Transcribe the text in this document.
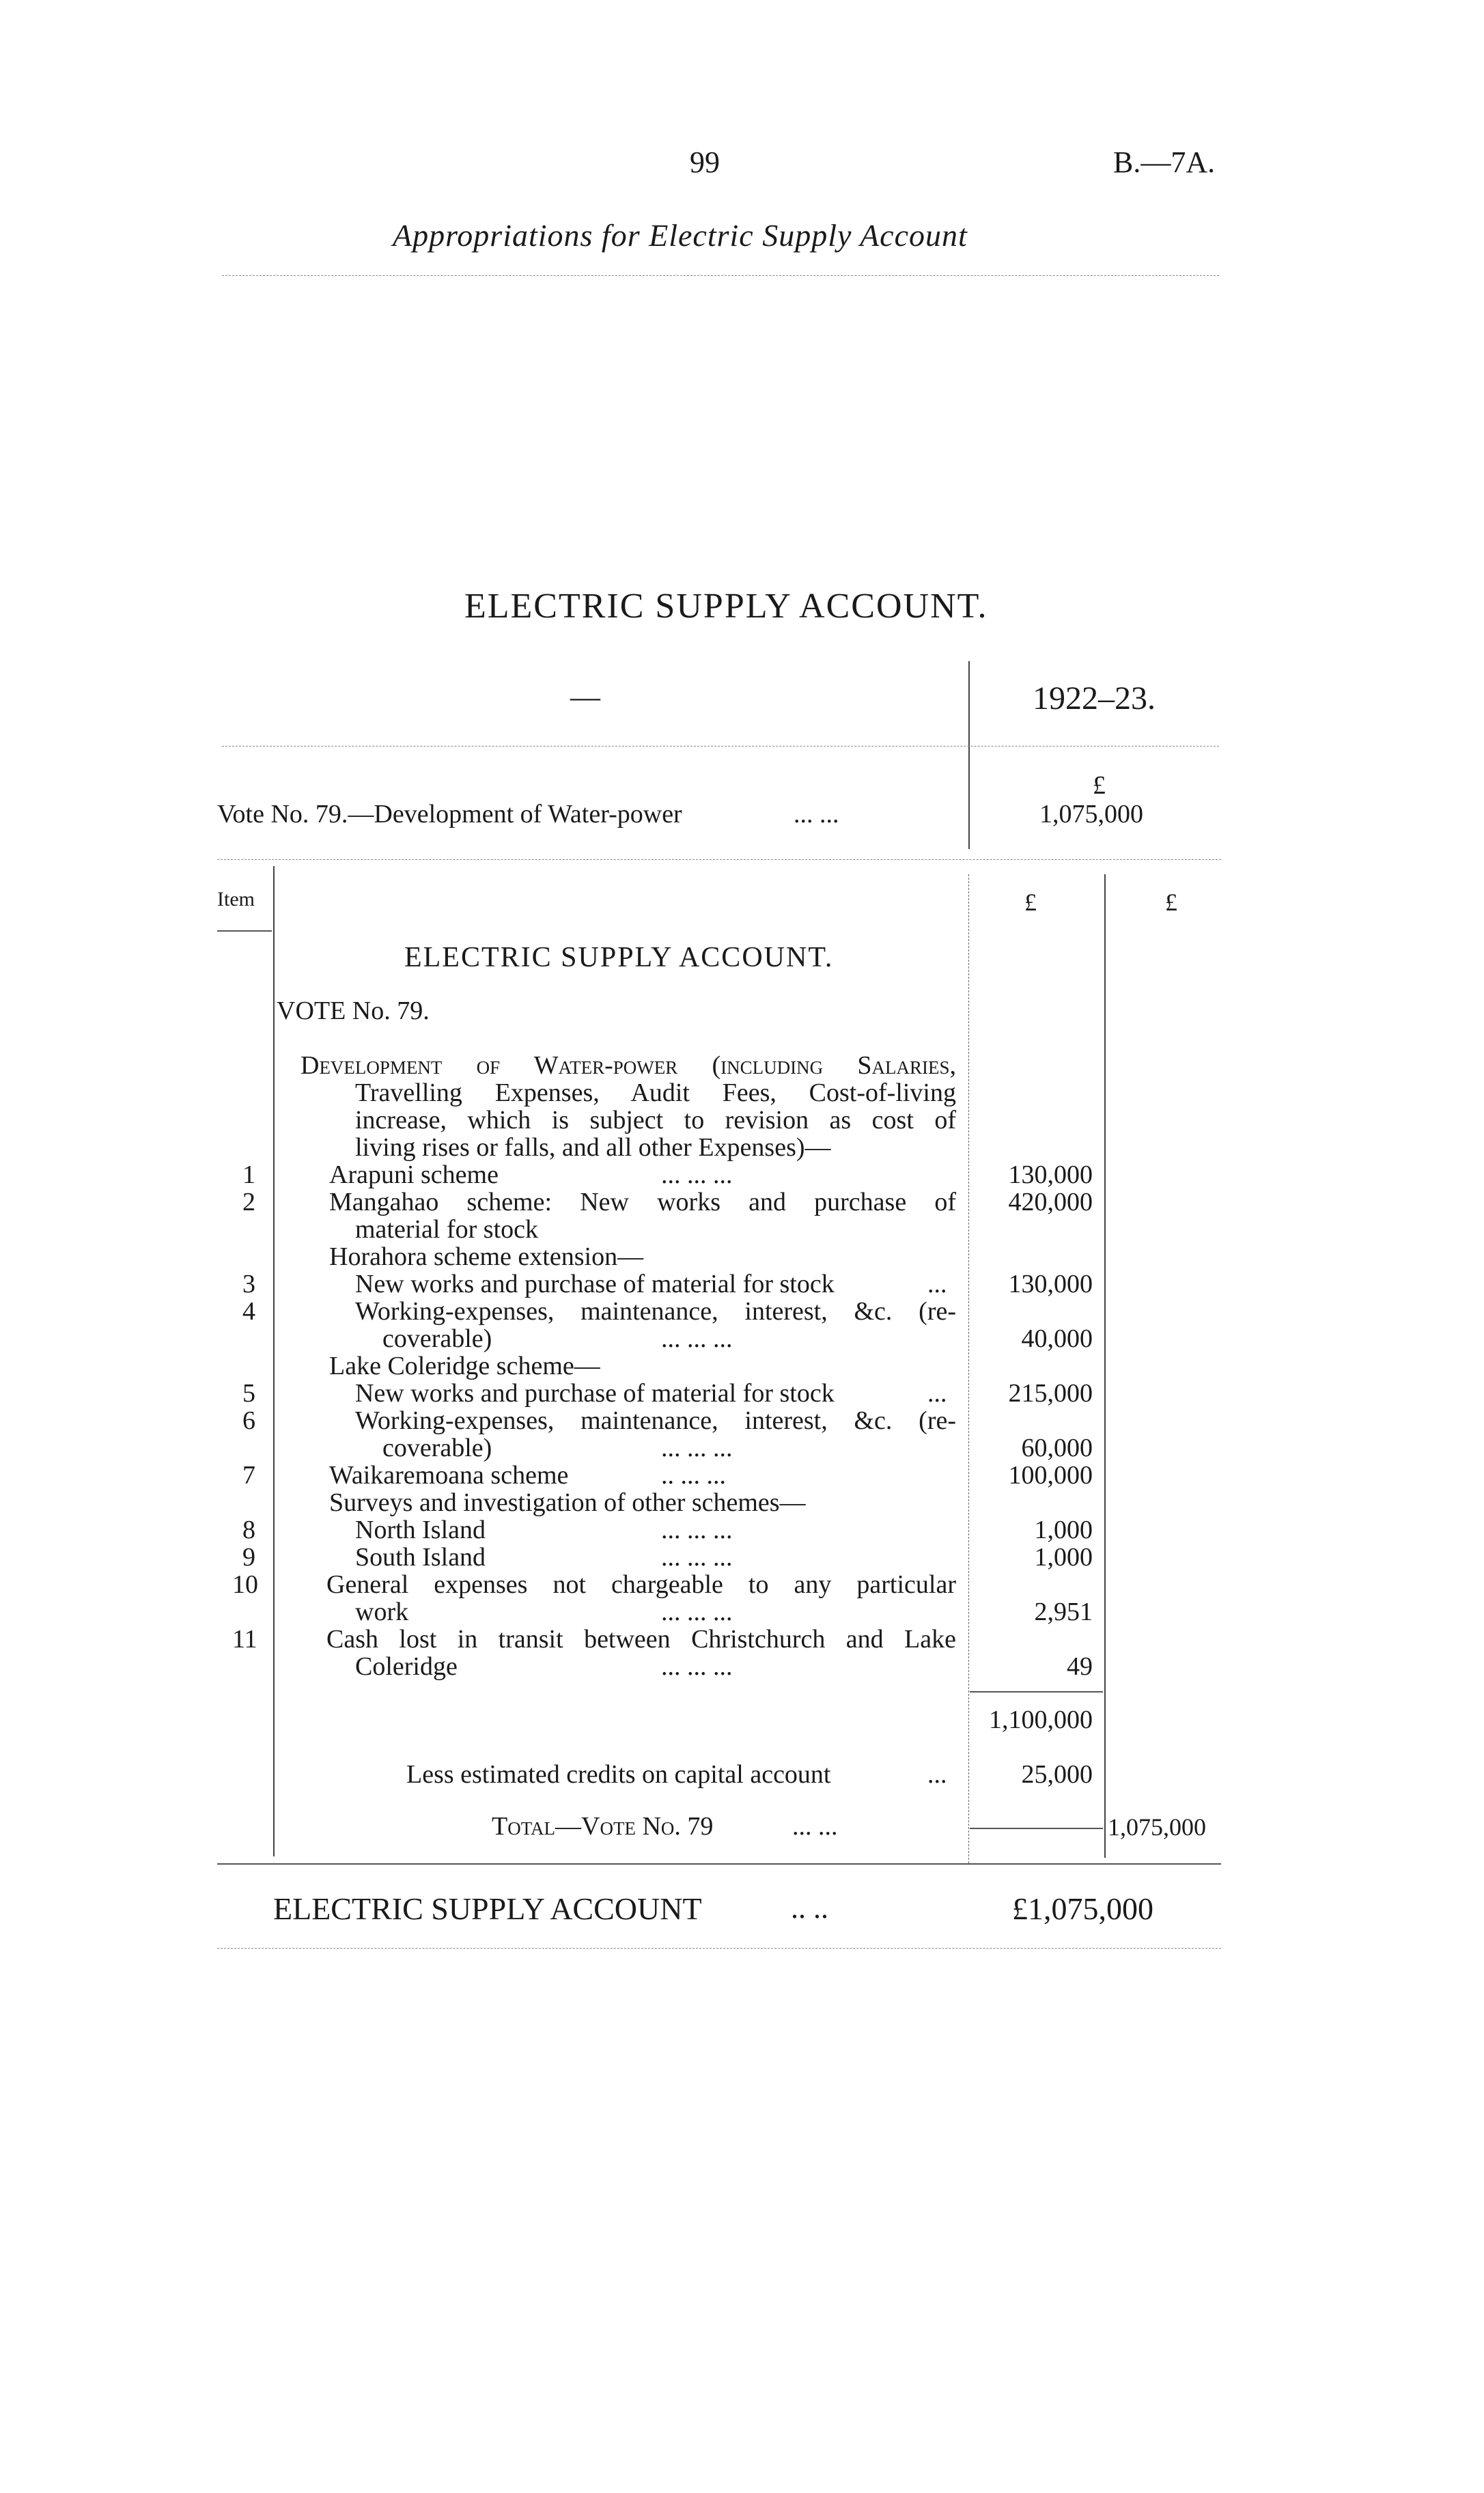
99	B.—7A.
Appropriations for Electric Supply Account
ELECTRIC SUPPLY ACCOUNT.
—	1922–23.
£
Vote No. 79.—Development of Water-power	... ...	1,075,000
Item	£	£
ELECTRIC SUPPLY ACCOUNT.
VOTE No. 79.
Development of Water-power (including Salaries,
Travelling Expenses, Audit Fees, Cost-of-living
increase, which is subject to revision as cost of
living rises or falls, and all other Expenses)—
1	Arapuni scheme	... ... ...	130,000
2	Mangahao scheme: New works and purchase of	420,000
material for stock
Horahora scheme extension—
3	New works and purchase of material for stock	...	130,000
4	Working-expenses, maintenance, interest, &c. (re-
coverable)	... ... ...	40,000
Lake Coleridge scheme—
5	New works and purchase of material for stock	...	215,000
6	Working-expenses, maintenance, interest, &c. (re-
coverable)	... ... ...	60,000
7	Waikaremoana scheme	.. ... ...	100,000
Surveys and investigation of other schemes—
8	North Island	... ... ...	1,000
9	South Island	... ... ...	1,000
10	General expenses not chargeable to any particular
work	... ... ...	2,951
11	Cash lost in transit between Christchurch and Lake
Coleridge	... ... ...	49
1,100,000
Less estimated credits on capital account	...	25,000
Total—Vote No. 79	... ...	1,075,000
ELECTRIC SUPPLY ACCOUNT	.. ..	£1,075,000
